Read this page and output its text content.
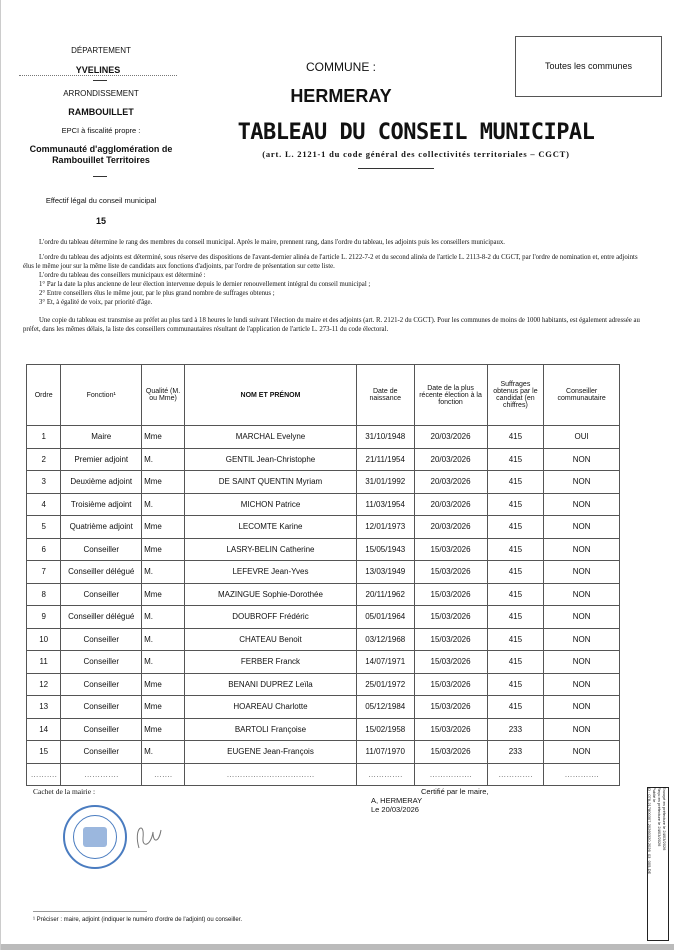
DÉPARTEMENT
YVELINES
ARRONDISSEMENT
RAMBOUILLET
EPCI à fiscalité propre :
Communauté d'agglomération de Rambouillet Territoires
Effectif légal du conseil municipal
15
COMMUNE :
HERMERAY
Toutes les communes
TABLEAU DU CONSEIL MUNICIPAL
(art. L. 2121-1 du code général des collectivités territoriales – CGCT)

L'ordre du tableau détermine le rang des membres du conseil municipal. Après le maire, prennent rang, dans l'ordre du tableau, les adjoints puis les conseillers municipaux.

L'ordre du tableau des adjoints est déterminé, sous réserve des dispositions de l'avant-dernier alinéa de l'article L. 2122-7-2 et du second alinéa de l'article L. 2113-8-2 du CGCT, par l'ordre de nomination et, entre adjoints élus le même jour sur la même liste de candidats aux fonctions d'adjoints, par l'ordre de présentation sur cette liste.

L'ordre du tableau des conseillers municipaux est déterminé :

1° Par la date la plus ancienne de leur élection intervenue depuis le dernier renouvellement intégral du conseil municipal ;

2° Entre conseillers élus le même jour, par le plus grand nombre de suffrages obtenus ;

3° Et, à égalité de voix, par priorité d'âge.

Une copie du tableau est transmise au préfet au plus tard à 18 heures le lundi suivant l'élection du maire et des adjoints (art. R. 2121-2 du CGCT). Pour les communes de moins de 1000 habitants, est également adressée au préfet, dans les mêmes délais, la liste des conseillers communautaires résultant de l'application de l'article L. 273-11 du code électoral.

Ordre	Fonction¹	Qualité (M. ou Mme)	NOM ET PRÉNOM	Date de naissance	Date de la plus récente élection à la fonction	Suffrages obtenus par le candidat (en chiffres)	Conseiller communautaire
1	Maire	Mme	MARCHAL Evelyne	31/10/1948	20/03/2026	415	OUI
2	Premier adjoint	M.	GENTIL Jean-Christophe	21/11/1954	20/03/2026	415	NON
3	Deuxième adjoint	Mme	DE SAINT QUENTIN Myriam	31/01/1992	20/03/2026	415	NON
4	Troisième adjoint	M.	MICHON Patrice	11/03/1954	20/03/2026	415	NON
5	Quatrième adjoint	Mme	LECOMTE Karine	12/01/1973	20/03/2026	415	NON
6	Conseiller	Mme	LASRY-BELIN Catherine	15/05/1943	15/03/2026	415	NON
7	Conseiller délégué	M.	LEFEVRE Jean-Yves	13/03/1949	15/03/2026	415	NON
8	Conseiller	Mme	MAZINGUE Sophie-Dorothée	20/11/1962	15/03/2026	415	NON
9	Conseiller délégué	M.	DOUBROFF Frédéric	05/01/1964	15/03/2026	415	NON
10	Conseiller	M.	CHATEAU Benoit	03/12/1968	15/03/2026	415	NON
11	Conseiller	M.	FERBER Franck	14/07/1971	15/03/2026	415	NON
12	Conseiller	Mme	BENANI DUPREZ Leïla	25/01/1972	15/03/2026	415	NON
13	Conseiller	Mme	HOAREAU Charlotte	05/12/1984	15/03/2026	415	NON
14	Conseiller	Mme	BARTOLI Françoise	15/02/1958	15/03/2026	233	NON
15	Conseiller	M.	EUGENE Jean-François	11/07/1970	15/03/2026	233	NON
……….	………….	…….	……………………………	………….	…………….	………….	………….
Cachet de la mairie :	Certifié par le maire,
A, HERMERAY
Le 20/03/2026
¹ Préciser : maire, adjoint (indiquer le numéro d'ordre de l'adjoint) ou conseiller.
Envoyé en préfecture le 24/03/2026
Reçu en préfecture le 24/03/2026
Publié le
ID : 078-217800307-20260320-2026_03_005-DE
